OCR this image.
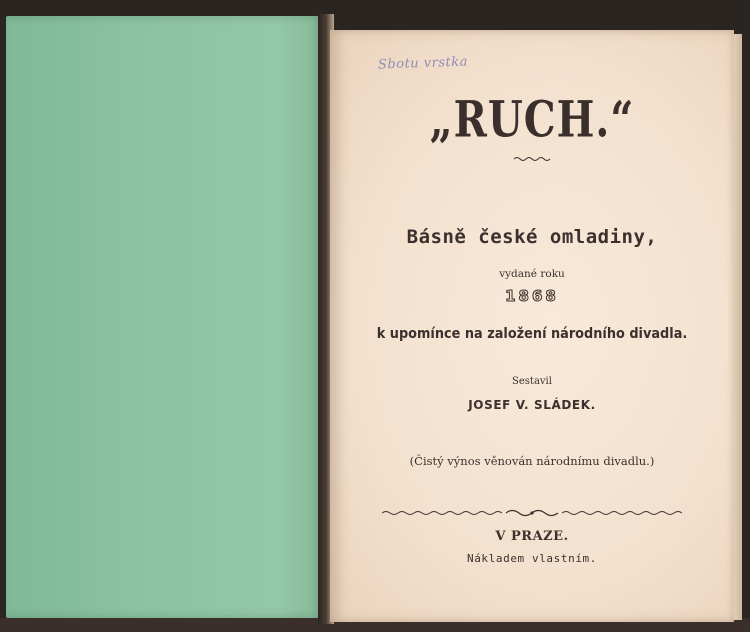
Sbotu vrstka

„RUCH.“

Básně české omladiny,

vydané roku

1868

k upomínce na založení národního divadla.

Sestavil

JOSEF V. SLÁDEK.

(Čistý výnos věnován národnímu divadlu.)

V PRAZE.

Nákladem vlastním.
